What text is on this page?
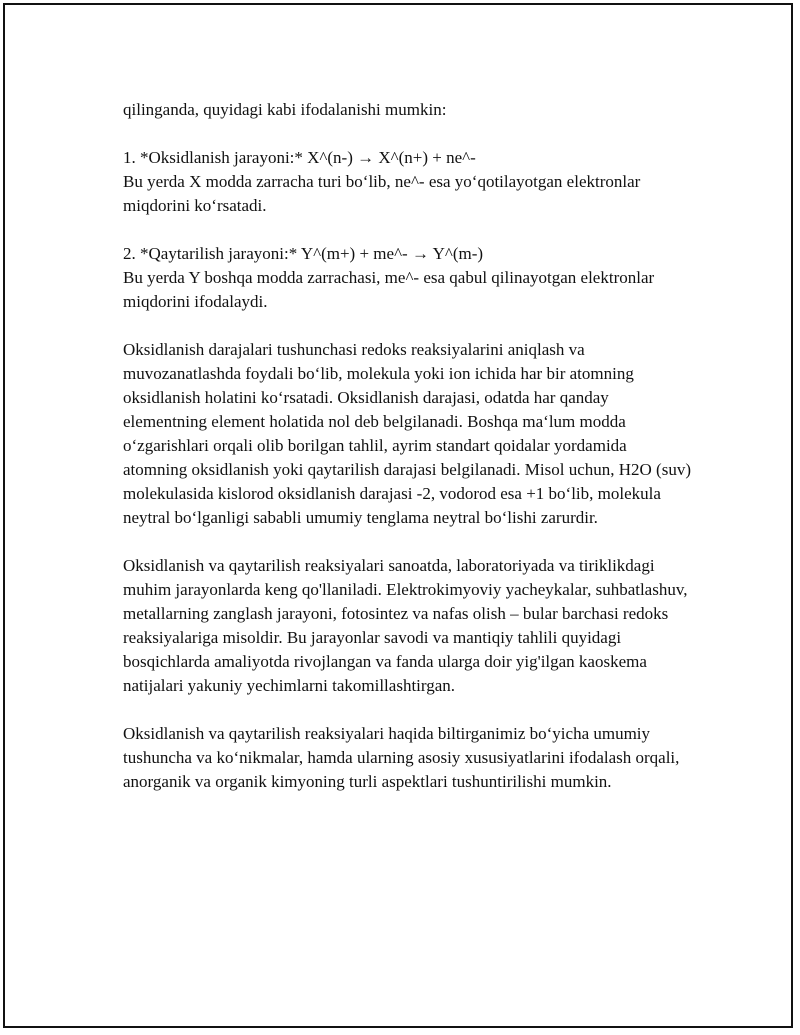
qilinganda, quyidagi kabi ifodalanishi mumkin:

1. *Oksidlanish jarayoni:* X^(n-) → X^(n+) + ne^-
Bu yerda X modda zarracha turi bo‘lib, ne^- esa yo‘qotilayotgan elektronlar miqdorini ko‘rsatadi.

2. *Qaytarilish jarayoni:* Y^(m+) + me^- → Y^(m-)
Bu yerda Y boshqa modda zarrachasi, me^- esa qabul qilinayotgan elektronlar miqdorini ifodalaydi.

Oksidlanish darajalari tushunchasi redoks reaksiyalarini aniqlash va muvozanatlashda foydali bo‘lib, molekula yoki ion ichida har bir atomning oksidlanish holatini ko‘rsatadi. Oksidlanish darajasi, odatda har qanday elementning element holatida nol deb belgilanadi. Boshqa ma‘lum modda o‘zgarishlari orqali olib borilgan tahlil, ayrim standart qoidalar yordamida atomning oksidlanish yoki qaytarilish darajasi belgilanadi. Misol uchun, H2O (suv) molekulasida kislorod oksidlanish darajasi -2, vodorod esa +1 bo‘lib, molekula neytral bo‘lganligi sababli umumiy tenglama neytral bo‘lishi zarurdir.

Oksidlanish va qaytarilish reaksiyalari sanoatda, laboratoriyada va tiriklikdagi muhim jarayonlarda keng qo'llaniladi. Elektrokimyoviy yacheykalar, suhbatlashuv, metallarning zanglash jarayoni, fotosintez va nafas olish – bular barchasi redoks reaksiyalariga misoldir. Bu jarayonlar savodi va mantiqiy tahlili quyidagi bosqichlarda amaliyotda rivojlangan va fanda ularga doir yig'ilgan kaoskema natijalari yakuniy yechimlarni takomillashtirgan.

Oksidlanish va qaytarilish reaksiyalari haqida biltirganimiz bo‘yicha umumiy tushuncha va ko‘nikmalar, hamda ularning asosiy xususiyatlarini ifodalash orqali, anorganik va organik kimyoning turli aspektlari tushuntirilishi mumkin.
